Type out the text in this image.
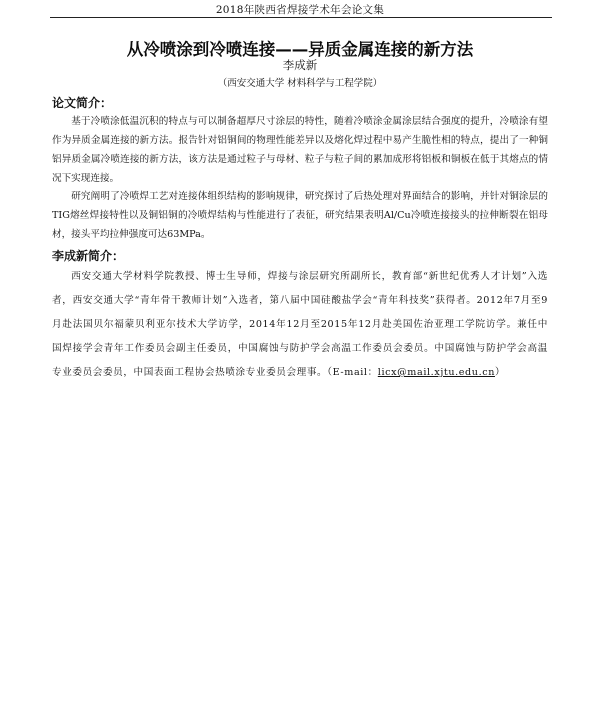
2018年陕西省焊接学术年会论文集
从冷喷涂到冷喷连接——异质金属连接的新方法
李成新
（西安交通大学 材料科学与工程学院）
论文简介：

基于冷喷涂低温沉积的特点与可以制备超厚尺寸涂层的特性，随着冷喷涂金属涂层结合强度的提升，冷喷涂有望作为异质金属连接的新方法。报告针对铝铜间的物理性能差异以及熔化焊过程中易产生脆性相的特点，提出了一种铜铝异质金属冷喷连接的新方法，该方法是通过粒子与母材、粒子与粒子间的累加成形将铝板和铜板在低于其熔点的情况下实现连接。

研究阐明了冷喷焊工艺对连接体组织结构的影响规律，研究探讨了后热处理对界面结合的影响，并针对铜涂层的TIG熔丝焊接特性以及铜铝铜的冷喷焊结构与性能进行了表征，研究结果表明Al/Cu冷喷连接接头的拉伸断裂在铝母材，接头平均拉伸强度可达63MPa。

李成新简介：

西安交通大学材料学院教授、博士生导师，焊接与涂层研究所副所长，教育部“新世纪优秀人才计划”入选者，西安交通大学“青年骨干教师计划”入选者，第八届中国硅酸盐学会“青年科技奖”获得者。2012年7月至9月赴法国贝尔福蒙贝利亚尔技术大学访学，2014年12月至2015年12月赴美国佐治亚理工学院访学。兼任中国焊接学会青年工作委员会副主任委员，中国腐蚀与防护学会高温工作委员会委员。中国腐蚀与防护学会高温专业委员会委员，中国表面工程协会热喷涂专业委员会理事。（E-mail：licx@mail.xjtu.edu.cn）
